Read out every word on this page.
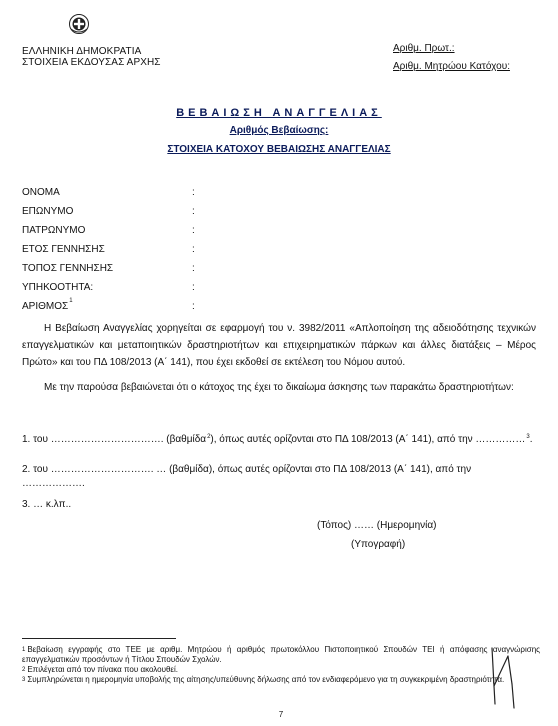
ΕΛΛΗΝΙΚΗ ΔΗΜΟΚΡΑΤΙΑ
ΣΤΟΙΧΕΙΑ ΕΚΔΟΥΣΑΣ ΑΡΧΗΣ
Αριθμ. Πρωτ.:
Αριθμ. Μητρώου Κατόχου:
ΒΕΒΑΙΩΣΗ ΑΝΑΓΓΕΛΙΑΣ
Αριθμός Βεβαίωσης:
ΣΤΟΙΧΕΙΑ ΚΑΤΟΧΟΥ ΒΕΒΑΙΩΣΗΣ ΑΝΑΓΓΕΛΙΑΣ
ΟΝΟΜΑ	:
ΕΠΩΝΥΜΟ	:
ΠΑΤΡΩΝΥΜΟ	:
ΕΤΟΣ ΓΕΝΝΗΣΗΣ	:
ΤΟΠΟΣ ΓΕΝΝΗΣΗΣ	:
ΥΠΗΚΟΟΤΗΤΑ:	:
ΑΡΙΘΜΟΣ$^1$	:
Η Βεβαίωση Αναγγελίας χορηγείται σε εφαρμογή του ν. 3982/2011 «Απλοποίηση της αδειοδότησης τεχνικών επαγγελματικών και μεταποιητικών δραστηριοτήτων και επιχειρηματικών πάρκων και άλλες διατάξεις – Μέρος Πρώτο» και του ΠΔ 108/2013 (Α΄ 141), που έχει εκδοθεί σε εκτέλεση του Νόμου αυτού.
Με την παρούσα βεβαιώνεται ότι ο κάτοχος της έχει το δικαίωμα άσκησης των παρακάτω δραστηριοτήτων:
1. του ……………………………. (βαθμίδα$^2$), όπως αυτές ορίζονται στο ΠΔ 108/2013 (Α΄ 141), από την ……………$^3$.
2. του …………………………. … (βαθμίδα), όπως αυτές ορίζονται στο ΠΔ 108/2013 (Α΄ 141), από την ……………….
3. … κ.λπ..
(Τόπος) …… (Ημερομηνία)
(Υπογραφή)

$^1$ Βεβαίωση εγγραφής στο ΤΕΕ με αριθμ. Μητρώου ή αριθμός πρωτοκόλλου Πιστοποιητικού Σπουδών ΤΕΙ ή απόφασης αναγνώρισης επαγγελματικών προσόντων ή Τίτλου Σπουδών Σχολών.

$^2$ Επιλέγεται από τον πίνακα που ακολουθεί.

$^3$ Συμπληρώνεται η ημερομηνία υποβολής της αίτησης/υπεύθυνης δήλωσης από τον ενδιαφερόμενο για τη συγκεκριμένη δραστηριότητα.

7
